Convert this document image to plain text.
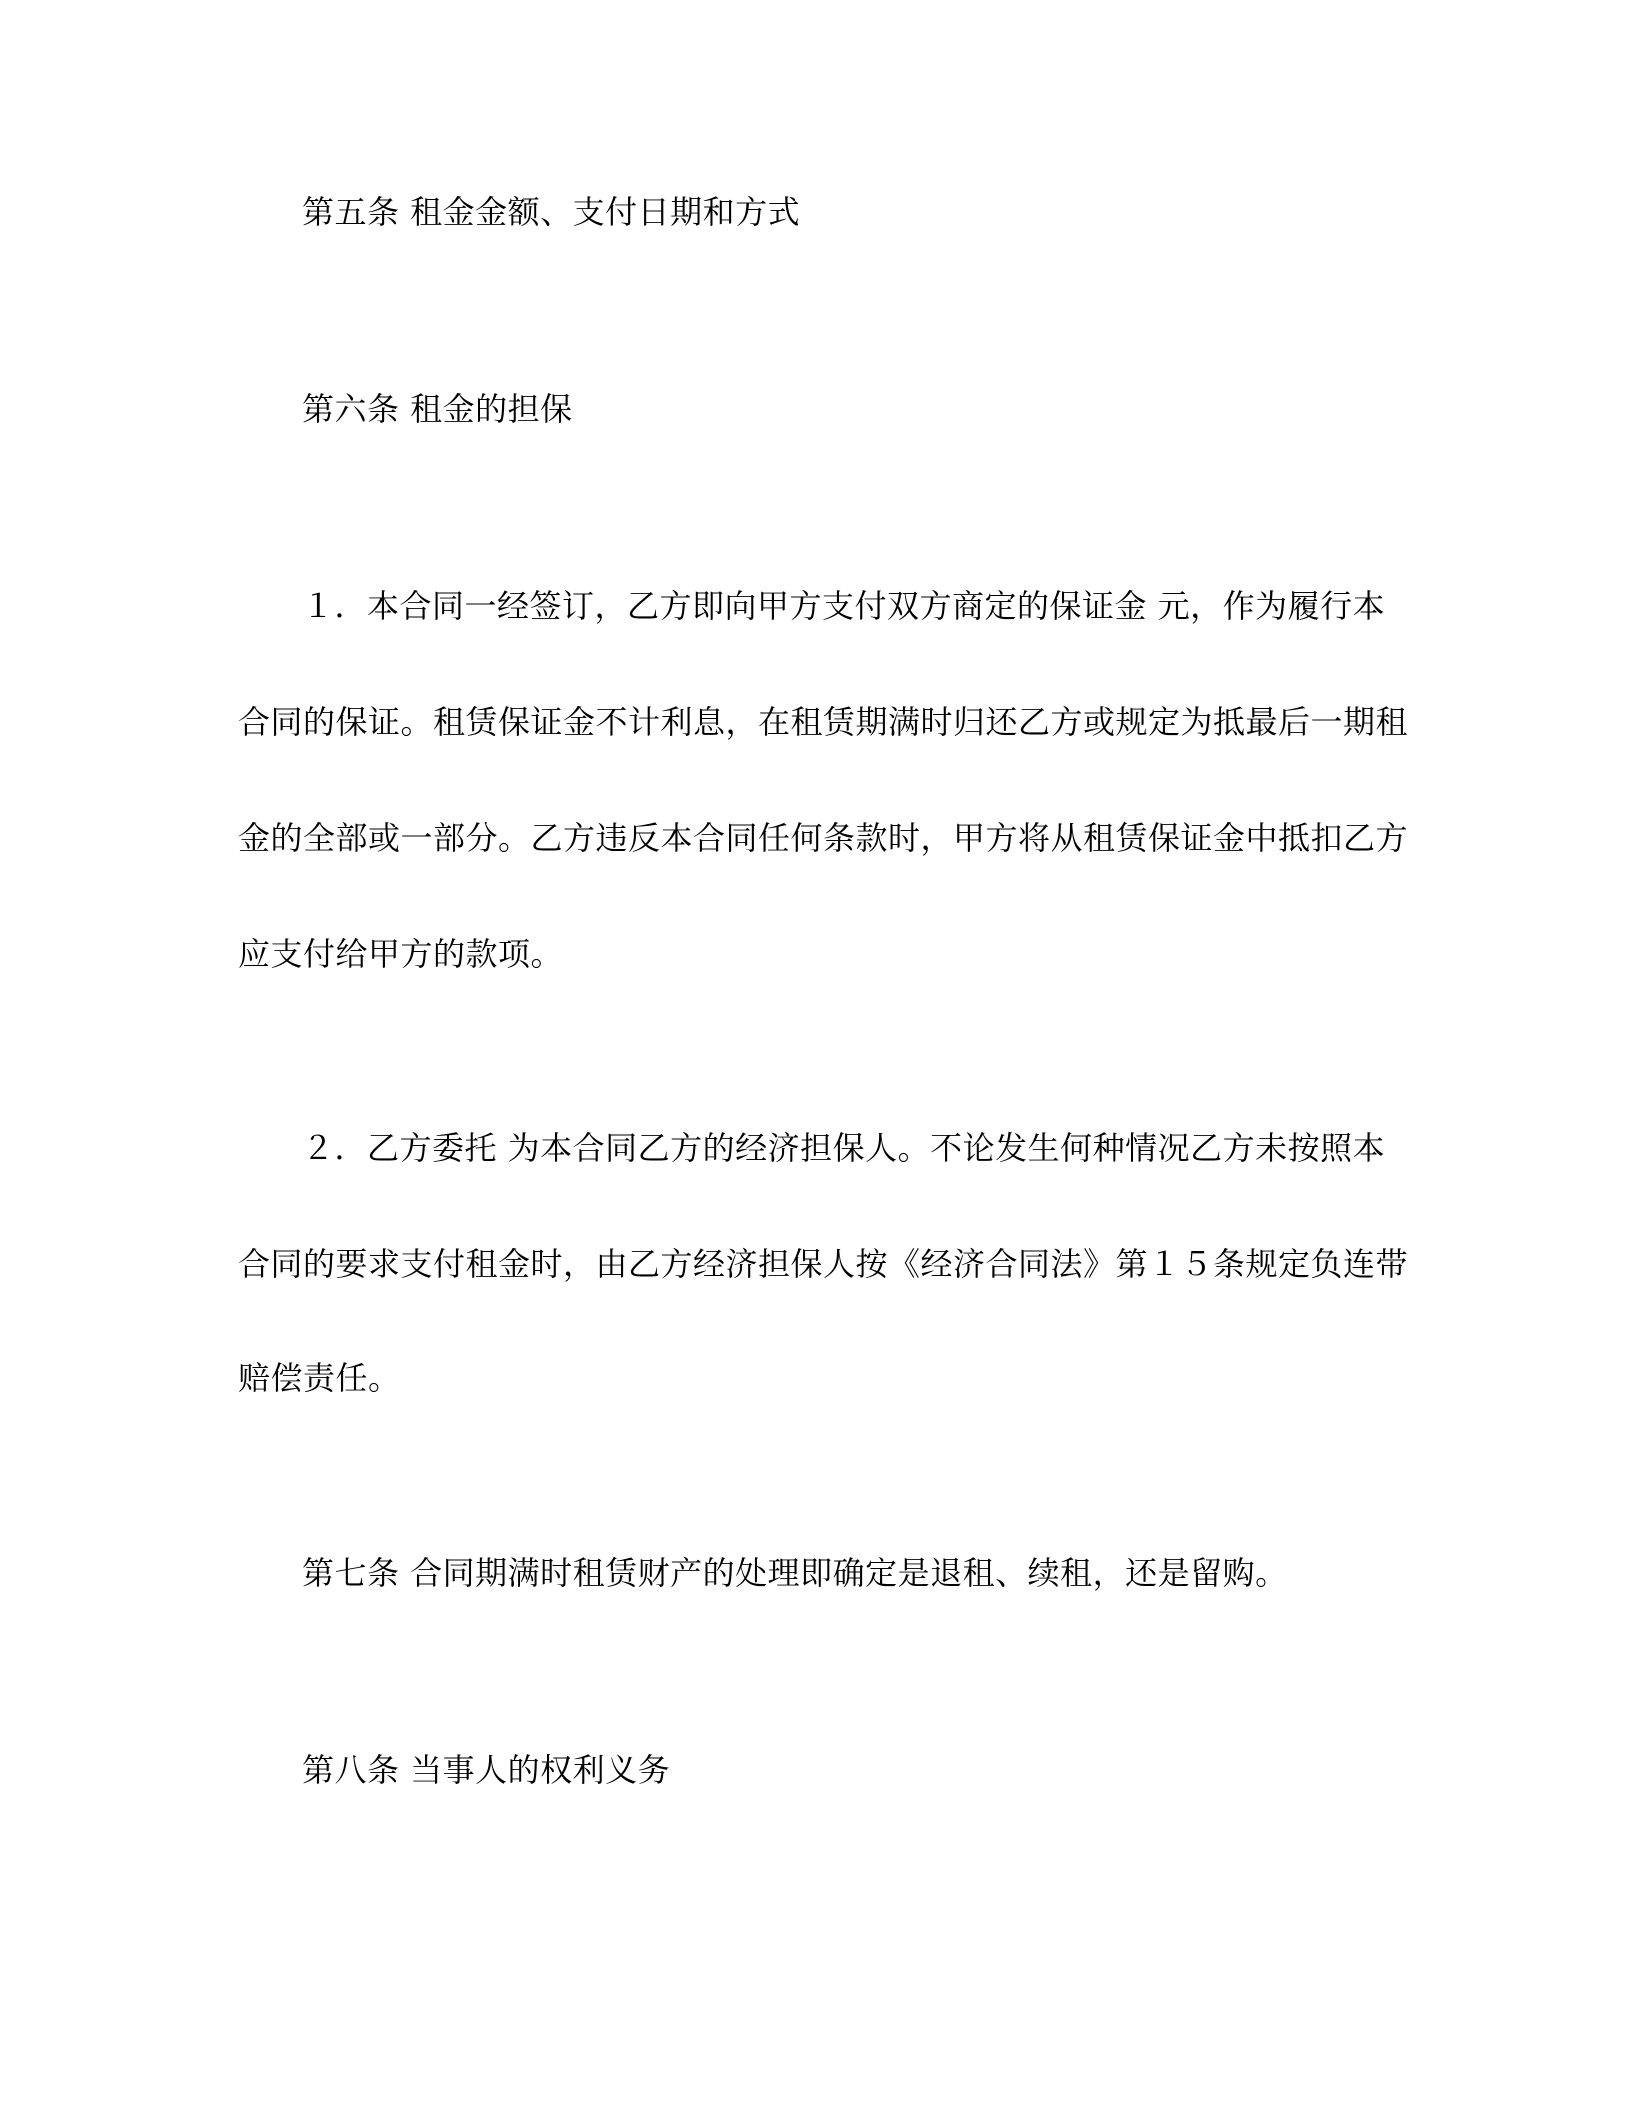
第五条 租金金额、支付日期和方式

第六条 租金的担保

１．本合同一经签订，乙方即向甲方支付双方商定的保证金 元，作为履行本

合同的保证。租赁保证金不计利息，在租赁期满时归还乙方或规定为抵最后一期租

金的全部或一部分。乙方违反本合同任何条款时，甲方将从租赁保证金中抵扣乙方

应支付给甲方的款项。

２．乙方委托 为本合同乙方的经济担保人。不论发生何种情况乙方未按照本

合同的要求支付租金时，由乙方经济担保人按《经济合同法》第１５条规定负连带

赔偿责任。

第七条 合同期满时租赁财产的处理即确定是退租、续租，还是留购。

第八条 当事人的权利义务
